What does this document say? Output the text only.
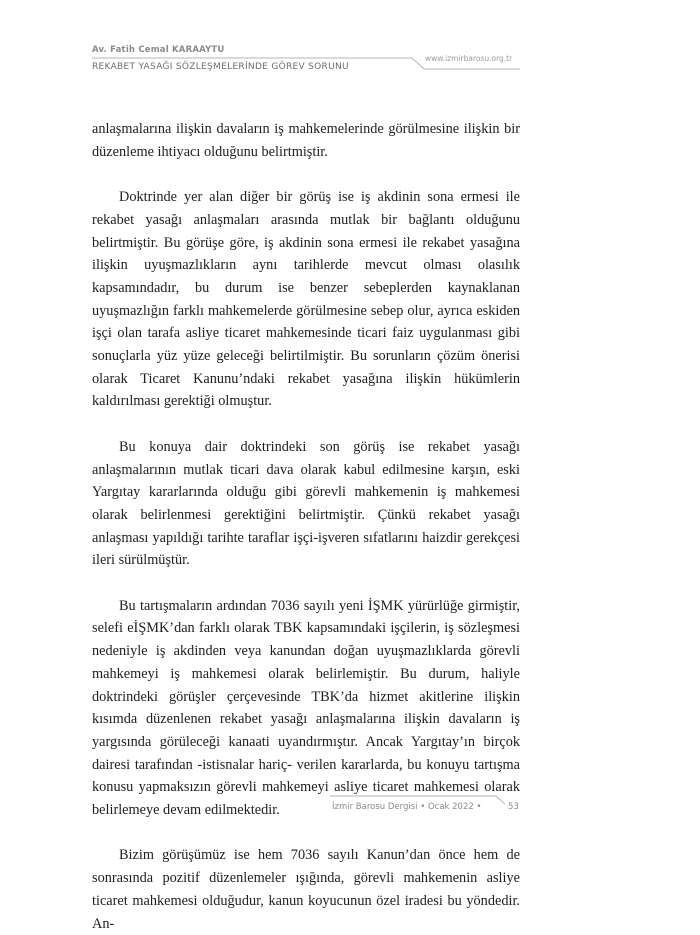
Av. Fatih Cemal KARAAYTU
REKABET YASAĞI SÖZLEŞMELERİNDE GÖREV SORUNU
www.izmirbarosu.org.tr

anlaşmalarına ilişkin davaların iş mahkemelerinde görülmesine ilişkin bir düzenleme ihtiyacı olduğunu belirtmiştir.

Doktrinde yer alan diğer bir görüş ise iş akdinin sona ermesi ile rekabet yasağı anlaşmaları arasında mutlak bir bağlantı olduğunu belirtmiştir. Bu görüşe göre, iş akdinin sona ermesi ile rekabet yasağına ilişkin uyuşmazlıkların aynı tarihlerde mevcut olması olasılık kapsamındadır, bu durum ise benzer sebeplerden kaynaklanan uyuşmazlığın farklı mahkemelerde görülmesine sebep olur, ayrıca eskiden işçi olan tarafa asliye ticaret mahkemesinde ticari faiz uygulanması gibi sonuçlarla yüz yüze geleceği belirtilmiştir. Bu sorunların çözüm önerisi olarak Ticaret Kanunu’ndaki rekabet yasağına ilişkin hükümlerin kaldırılması gerektiği olmuştur.

Bu konuya dair doktrindeki son görüş ise rekabet yasağı anlaşmalarının mutlak ticari dava olarak kabul edilmesine karşın, eski Yargıtay kararlarında olduğu gibi görevli mahkemenin iş mahkemesi olarak belirlenmesi gerektiğini belirtmiştir. Çünkü rekabet yasağı anlaşması yapıldığı tarihte taraflar işçi-işveren sıfatlarını haizdir gerekçesi ileri sürülmüştür.

Bu tartışmaların ardından 7036 sayılı yeni İŞMK yürürlüğe girmiştir, selefi eİŞMK’dan farklı olarak TBK kapsamındaki işçilerin, iş sözleşmesi nedeniyle iş akdinden veya kanundan doğan uyuşmazlıklarda görevli mahkemeyi iş mahkemesi olarak belirlemiştir. Bu durum, haliyle doktrindeki görüşler çerçevesinde TBK’da hizmet akitlerine ilişkin kısımda düzenlenen rekabet yasağı anlaşmalarına ilişkin davaların iş yargısında görüleceği kanaati uyandırmıştır. Ancak Yargıtay’ın birçok dairesi tarafından -istisnalar hariç- verilen kararlarda, bu konuyu tartışma konusu yapmaksızın görevli mahkemeyi asliye ticaret mahkemesi olarak belirlemeye devam edilmektedir.

Bizim görüşümüz ise hem 7036 sayılı Kanun’dan önce hem de sonrasında pozitif düzenlemeler ışığında, görevli mahkemenin asliye ticaret mahkemesi olduğudur, kanun koyucunun özel iradesi bu yöndedir. An-

İzmir Barosu Dergisi • Ocak 2022 •	53
